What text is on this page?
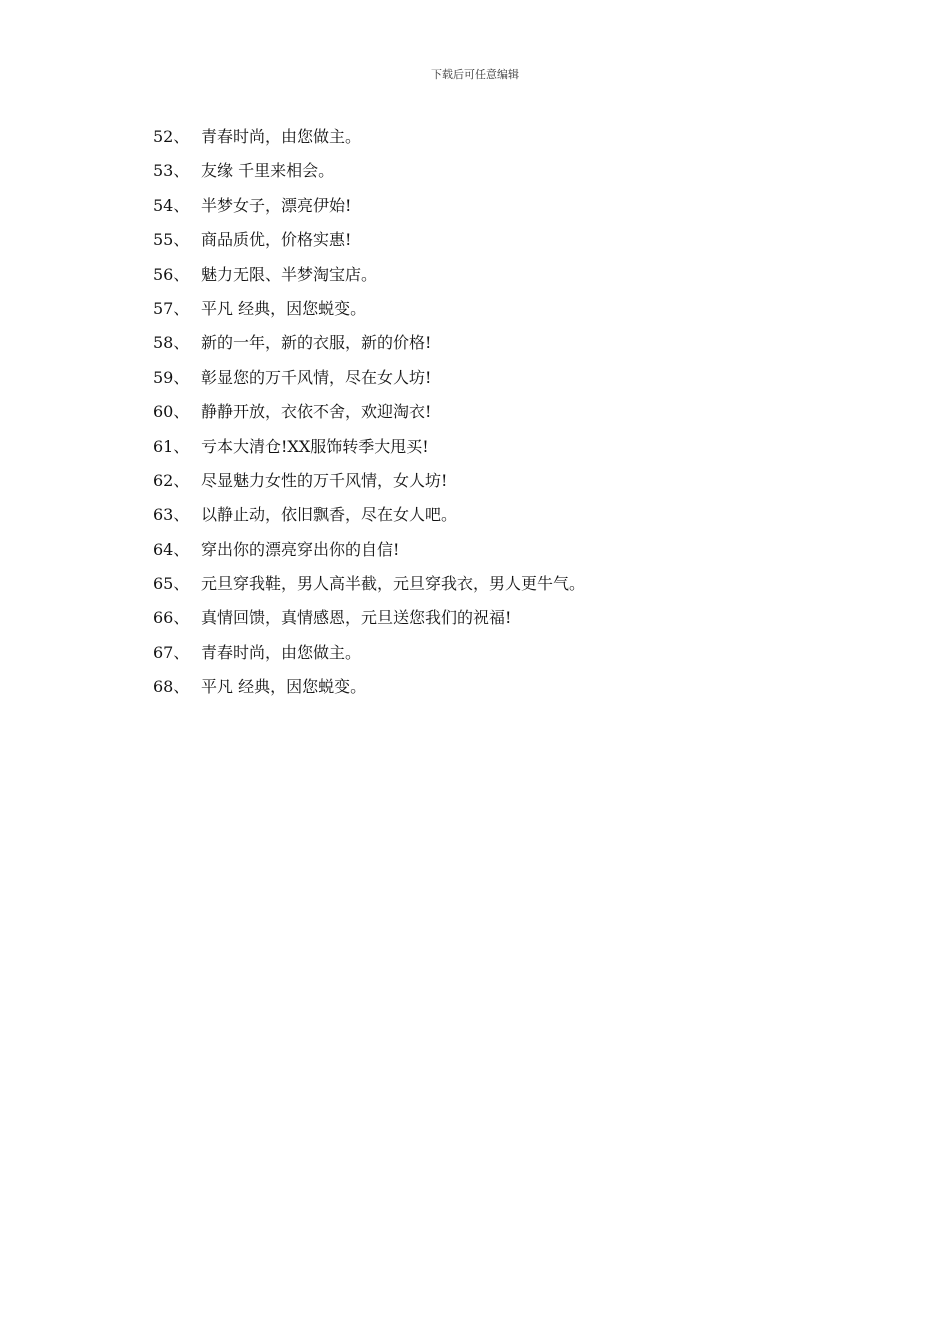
下载后可任意编辑
52、 青春时尚，由您做主。
53、 友缘 千里来相会。
54、 半梦女子，漂亮伊始!
55、 商品质优，价格实惠!
56、 魅力无限、半梦淘宝店。
57、 平凡 经典，因您蜕变。
58、 新的一年，新的衣服，新的价格!
59、 彰显您的万千风情，尽在女人坊!
60、 静静开放，衣依不舍，欢迎淘衣!
61、 亏本大清仓!XX服饰转季大甩买!
62、 尽显魅力女性的万千风情，女人坊!
63、 以静止动，依旧飘香，尽在女人吧。
64、 穿出你的漂亮穿出你的自信!
65、 元旦穿我鞋，男人高半截，元旦穿我衣，男人更牛气。
66、 真情回馈，真情感恩，元旦送您我们的祝福!
67、 青春时尚，由您做主。
68、 平凡 经典，因您蜕变。
